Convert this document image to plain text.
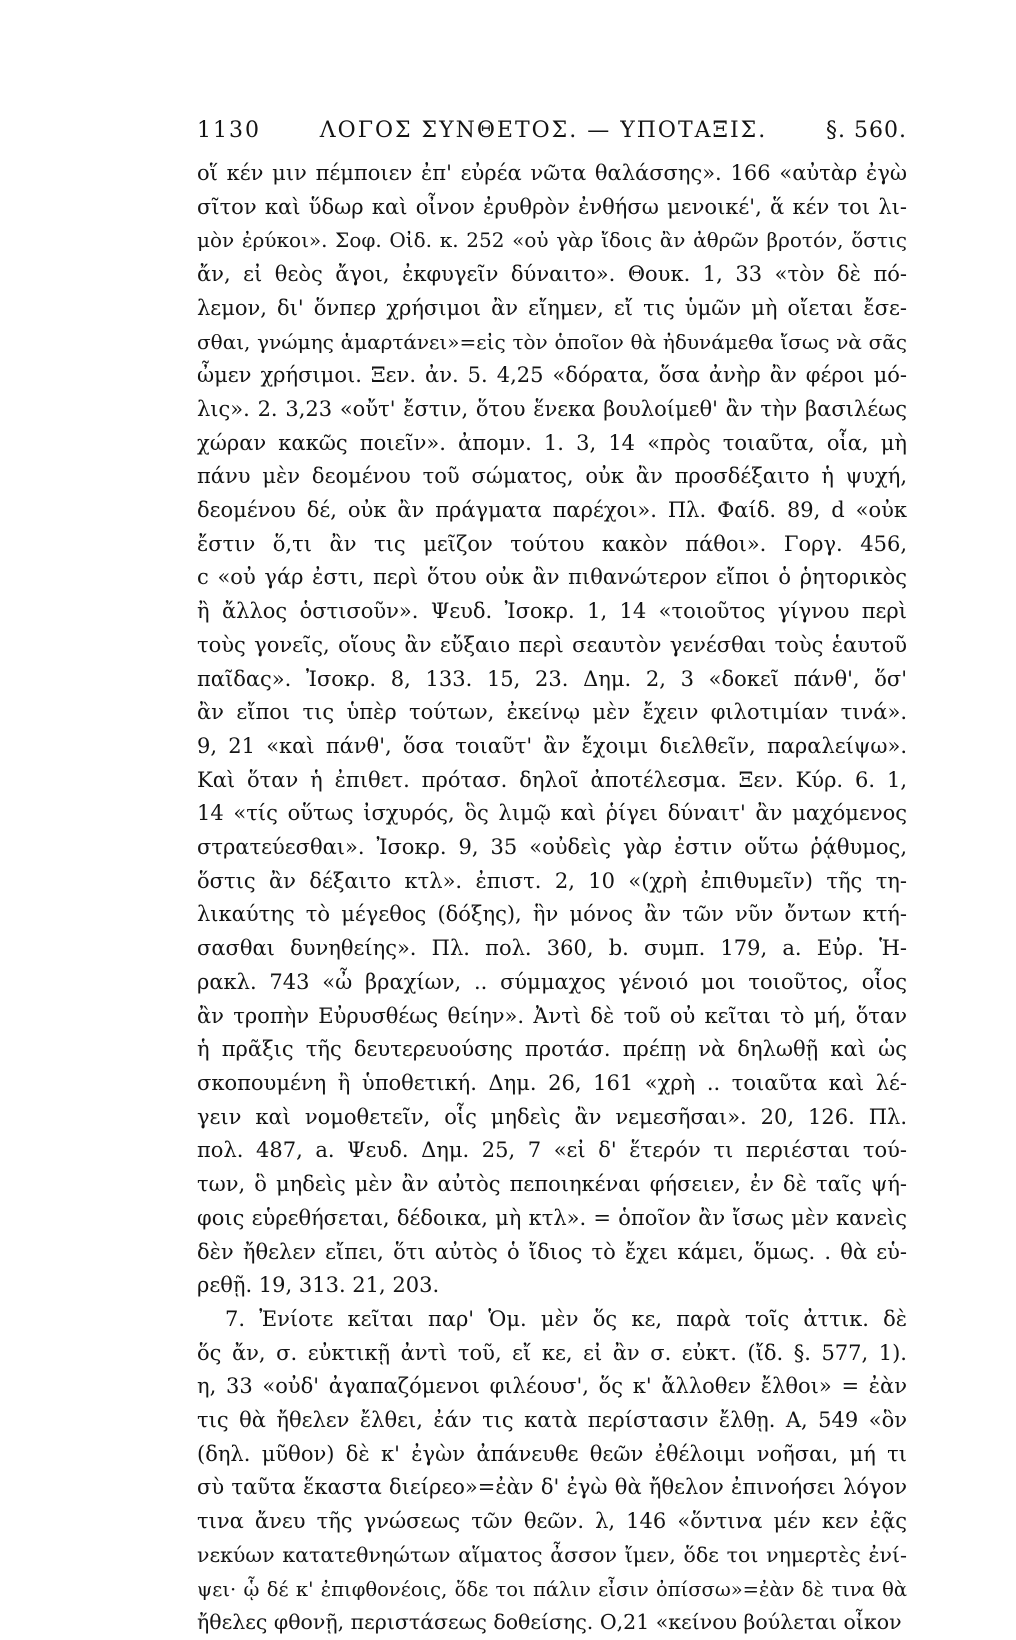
1130	ΛΟΓΟΣ ΣΥΝΘΕΤΟΣ. — ΥΠΟΤΑΞΙΣ.	§. 560.
οἵ κέν μιν πέμποιεν ἐπ' εὐρέα νῶτα θαλάσσης». 166 «αὐτὰρ ἐγὼ
σῖτον καὶ ὕδωρ καὶ οἶνον ἐρυθρὸν ἐνθήσω μενοικέ', ἅ κέν τοι λι-
μὸν ἐρύκοι». Σοφ. Οἰδ. κ. 252 «οὐ γὰρ ἴδοις ἂν ἀθρῶν βροτόν, ὅστις
ἄν, εἰ θεὸς ἄγοι, ἐκφυγεῖν δύναιτο». Θουκ. 1, 33 «τὸν δὲ πό-
λεμον, δι' ὅνπερ χρήσιμοι ἂν εἴημεν, εἴ τις ὑμῶν μὴ οἴεται ἔσε-
σθαι, γνώμης ἁμαρτάνει»=εἰς τὸν ὁποῖον θὰ ἠδυνάμεθα ἴσως νὰ σᾶς
ὦμεν χρήσιμοι. Ξεν. ἀν. 5. 4,25 «δόρατα, ὅσα ἀνὴρ ἂν φέροι μό-
λις». 2. 3,23 «οὔτ' ἔστιν, ὅτου ἕνεκα βουλοίμεθ' ἂν τὴν βασιλέως
χώραν κακῶς ποιεῖν». ἀπομν. 1. 3, 14 «πρὸς τοιαῦτα, οἷα, μὴ
πάνυ μὲν δεομένου τοῦ σώματος, οὐκ ἂν προσδέξαιτο ἡ ψυχή,
δεομένου δέ, οὐκ ἂν πράγματα παρέχοι». Πλ. Φαίδ. 89, d «οὐκ
ἔστιν ὅ,τι ἂν τις μεῖζον τούτου κακὸν πάθοι». Γοργ. 456,
c «οὐ γάρ ἐστι, περὶ ὅτου οὐκ ἂν πιθανώτερον εἴποι ὁ ῥητορικὸς
ἢ ἄλλος ὁστισοῦν». Ψευδ. Ἰσοκρ. 1, 14 «τοιοῦτος γίγνου περὶ
τοὺς γονεῖς, οἵους ἂν εὔξαιο περὶ σεαυτὸν γενέσθαι τοὺς ἑαυτοῦ
παῖδας». Ἰσοκρ. 8, 133. 15, 23. Δημ. 2, 3 «δοκεῖ πάνθ', ὅσ'
ἂν εἴποι τις ὑπὲρ τούτων, ἐκείνῳ μὲν ἔχειν φιλοτιμίαν τινά».
9, 21 «καὶ πάνθ', ὅσα τοιαῦτ' ἂν ἔχοιμι διελθεῖν, παραλείψω».
Καὶ ὅταν ἡ ἐπιθετ. πρότασ. δηλοῖ ἀποτέλεσμα. Ξεν. Κύρ. 6. 1,
14 «τίς οὕτως ἰσχυρός, ὃς λιμῷ καὶ ῥίγει δύναιτ' ἂν μαχόμενος
στρατεύεσθαι». Ἰσοκρ. 9, 35 «οὐδεὶς γὰρ ἐστιν οὕτω ῥᾴθυμος,
ὅστις ἂν δέξαιτο κτλ». ἐπιστ. 2, 10 «(χρὴ ἐπιθυμεῖν) τῆς τη-
λικαύτης τὸ μέγεθος (δόξης), ἣν μόνος ἂν τῶν νῦν ὄντων κτή-
σασθαι δυνηθείης». Πλ. πολ. 360, b. συμπ. 179, a. Εὐρ. Ἡ-
ρακλ. 743 «ὦ βραχίων, .. σύμμαχος γένοιό μοι τοιοῦτος, οἷος
ἂν τροπὴν Εὐρυσθέως θείην». Ἀντὶ δὲ τοῦ οὐ κεῖται τὸ μή, ὅταν
ἡ πρᾶξις τῆς δευτερευούσης προτάσ. πρέπῃ νὰ δηλωθῇ καὶ ὡς
σκοπουμένη ἢ ὑποθετική. Δημ. 26, 161 «χρὴ .. τοιαῦτα καὶ λέ-
γειν καὶ νομοθετεῖν, οἷς μηδεὶς ἂν νεμεσῆσαι». 20, 126. Πλ.
πολ. 487, a. Ψευδ. Δημ. 25, 7 «εἰ δ' ἕτερόν τι περιέσται τού-
των, ὃ μηδεὶς μὲν ἂν αὐτὸς πεποιηκέναι φήσειεν, ἐν δὲ ταῖς ψή-
φοις εὑρεθήσεται, δέδοικα, μὴ κτλ». = ὁποῖον ἂν ἴσως μὲν κανεὶς
δὲν ἤθελεν εἴπει, ὅτι αὐτὸς ὁ ἴδιος τὸ ἔχει κάμει, ὅμως. . θὰ εὑ-
ρεθῇ. 19, 313. 21, 203.
7. Ἐνίοτε κεῖται παρ' Ὁμ. μὲν ὅς κε, παρὰ τοῖς ἀττικ. δὲ
ὅς ἄν, σ. εὐκτικῇ ἀντὶ τοῦ, εἴ κε, εἰ ἂν σ. εὐκτ. (ἴδ. §. 577, 1).
η, 33 «οὐδ' ἀγαπαζόμενοι φιλέουσ', ὅς κ' ἄλλοθεν ἔλθοι» = ἐὰν
τις θὰ ἤθελεν ἔλθει, ἐάν τις κατὰ περίστασιν ἔλθῃ. Α, 549 «ὃν
(δηλ. μῦθον) δὲ κ' ἐγὼν ἀπάνευθε θεῶν ἐθέλοιμι νοῆσαι, μή τι
σὺ ταῦτα ἕκαστα διείρεο»=ἐὰν δ' ἐγὼ θὰ ἤθελον ἐπινοήσει λόγον
τινα ἄνευ τῆς γνώσεως τῶν θεῶν. λ, 146 «ὅντινα μέν κεν ἐᾷς
νεκύων κατατεθνηώτων αἵματος ἆσσον ἴμεν, ὅδε τοι νημερτὲς ἐνί-
ψει· ᾧ δέ κ' ἐπιφθονέοις, ὅδε τοι πάλιν εἶσιν ὀπίσσω»=ἐὰν δὲ τινα θὰ
ἤθελες φθονῇ, περιστάσεως δοθείσης. Ο,21 «κείνου βούλεται οἶκον
